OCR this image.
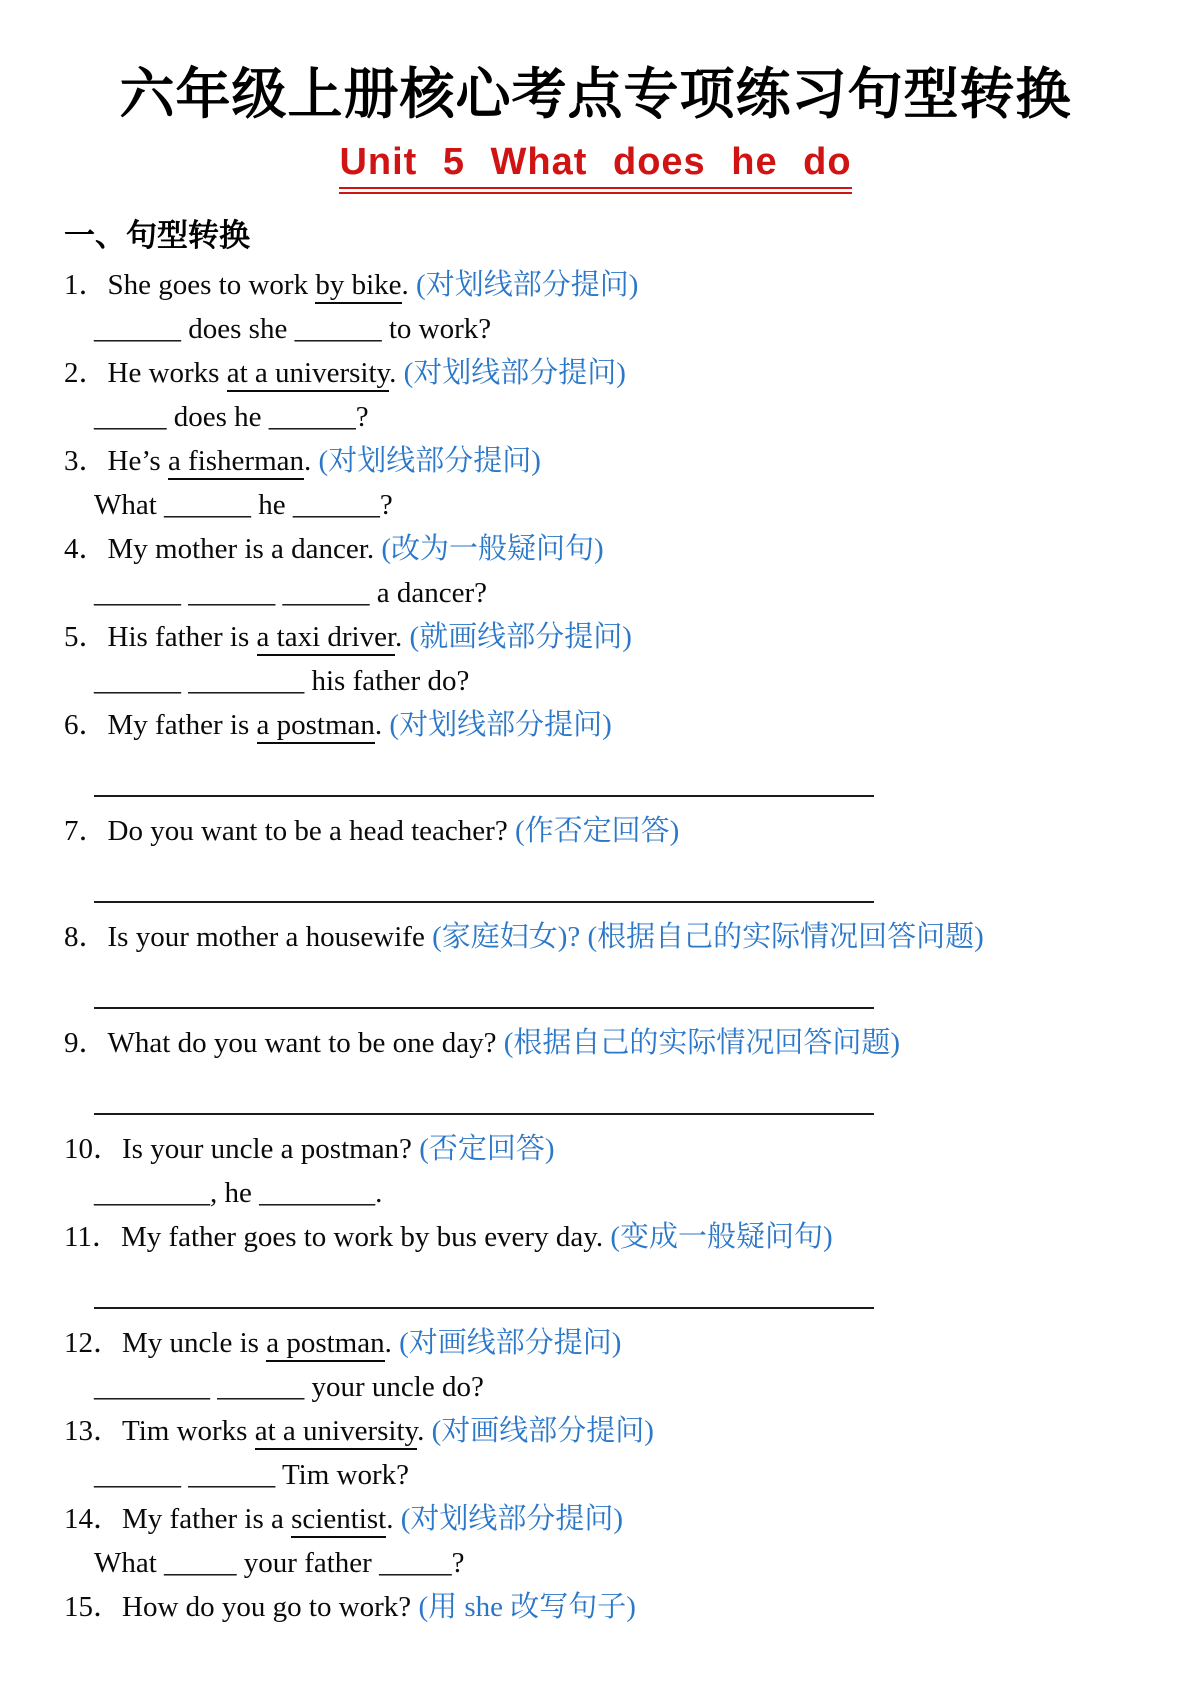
六年级上册核心考点专项练习句型转换
Unit 5 What does he do
一、句型转换

1．She goes to work by bike. (对划线部分提问)

______ does she ______ to work?

2．He works at a university. (对划线部分提问)

_____ does he ______?

3．He’s a fisherman. (对划线部分提问)

What ______ he ______?

4．My mother is a dancer. (改为一般疑问句)

______ ______ ______ a dancer?

5．His father is a taxi driver. (就画线部分提问)

______ ________ his father do?

6．My father is a postman. (对划线部分提问)

7．Do you want to be a head teacher? (作否定回答)

8．Is your mother a housewife (家庭妇女)? (根据自己的实际情况回答问题)

9．What do you want to be one day? (根据自己的实际情况回答问题)

10．Is your uncle a postman? (否定回答)

________, he ________.

11．My father goes to work by bus every day. (变成一般疑问句)

12．My uncle is a postman. (对画线部分提问)

________ ______ your uncle do?

13．Tim works at a university. (对画线部分提问)

______ ______ Tim work?

14．My father is a scientist. (对划线部分提问)

What _____ your father _____?

15．How do you go to work? (用 she 改写句子)
